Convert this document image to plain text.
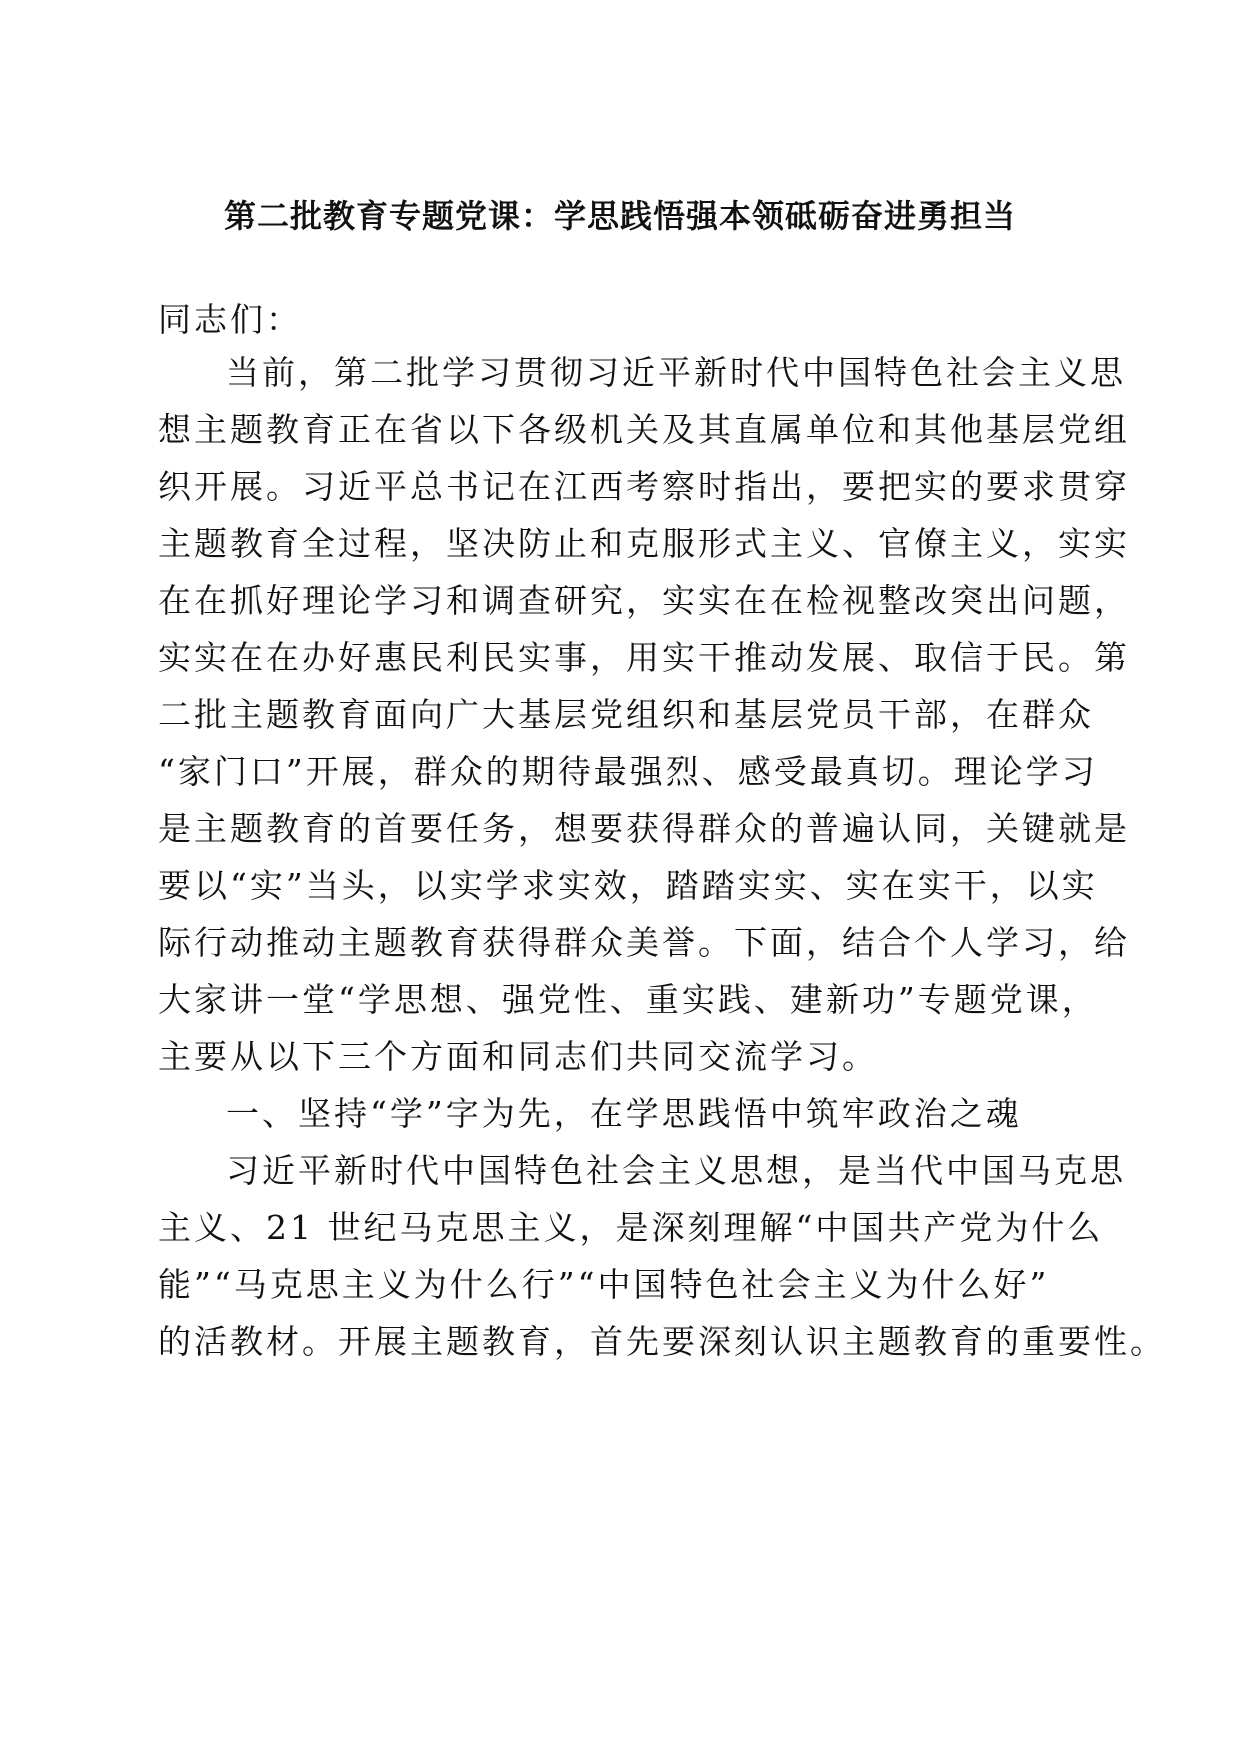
第二批教育专题党课：学思践悟强本领砥砺奋进勇担当
同志们：
当前，第二批学习贯彻习近平新时代中国特色社会主义思
想主题教育正在省以下各级机关及其直属单位和其他基层党组
织开展。习近平总书记在江西考察时指出，要把实的要求贯穿
主题教育全过程，坚决防止和克服形式主义、官僚主义，实实
在在抓好理论学习和调查研究，实实在在检视整改突出问题，
实实在在办好惠民利民实事，用实干推动发展、取信于民。第
二批主题教育面向广大基层党组织和基层党员干部，在群众
“家门口”开展，群众的期待最强烈、感受最真切。理论学习
是主题教育的首要任务，想要获得群众的普遍认同，关键就是
要以“实”当头，以实学求实效，踏踏实实、实在实干，以实
际行动推动主题教育获得群众美誉。下面，结合个人学习，给
大家讲一堂“学思想、强党性、重实践、建新功”专题党课，
主要从以下三个方面和同志们共同交流学习。
一、坚持“学”字为先，在学思践悟中筑牢政治之魂
习近平新时代中国特色社会主义思想，是当代中国马克思
主义、21 世纪马克思主义，是深刻理解“中国共产党为什么
能”“马克思主义为什么行”“中国特色社会主义为什么好”
的活教材。开展主题教育，首先要深刻认识主题教育的重要性。
